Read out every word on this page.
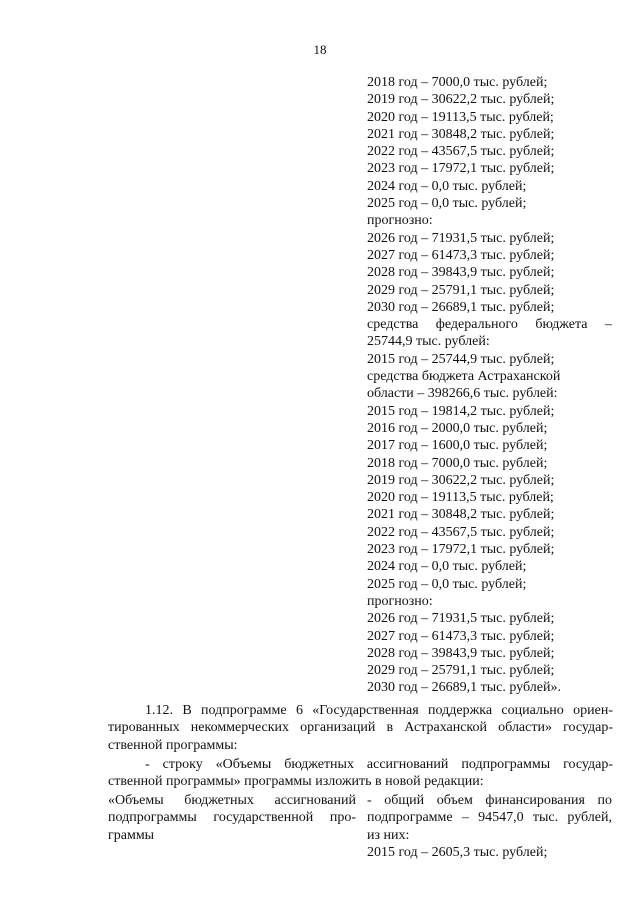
18
2018 год – 7000,0 тыс. рублей;
2019 год – 30622,2 тыс. рублей;
2020 год – 19113,5 тыс. рублей;
2021 год – 30848,2 тыс. рублей;
2022 год – 43567,5 тыс. рублей;
2023 год – 17972,1 тыс. рублей;
2024 год – 0,0 тыс. рублей;
2025 год – 0,0 тыс. рублей;
прогнозно:
2026 год – 71931,5 тыс. рублей;
2027 год – 61473,3 тыс. рублей;
2028 год – 39843,9 тыс. рублей;
2029 год – 25791,1 тыс. рублей;
2030 год – 26689,1 тыс. рублей;
средства федерального бюджета –
25744,9 тыс. рублей:
2015 год – 25744,9 тыс. рублей;
средства бюджета Астраханской
области – 398266,6 тыс. рублей:
2015 год – 19814,2 тыс. рублей;
2016 год – 2000,0 тыс. рублей;
2017 год – 1600,0 тыс. рублей;
2018 год – 7000,0 тыс. рублей;
2019 год – 30622,2 тыс. рублей;
2020 год – 19113,5 тыс. рублей;
2021 год – 30848,2 тыс. рублей;
2022 год – 43567,5 тыс. рублей;
2023 год – 17972,1 тыс. рублей;
2024 год – 0,0 тыс. рублей;
2025 год – 0,0 тыс. рублей;
прогнозно:
2026 год – 71931,5 тыс. рублей;
2027 год – 61473,3 тыс. рублей;
2028 год – 39843,9 тыс. рублей;
2029 год – 25791,1 тыс. рублей;
2030 год – 26689,1 тыс. рублей».
1.12. В подпрограмме 6 «Государственная поддержка социально ориен-
тированных некоммерческих организаций в Астраханской области» государ-
ственной программы:
- строку «Объемы бюджетных ассигнований подпрограммы государ-
ственной программы» программы изложить в новой редакции:
«Объемы бюджетных ассигнований
подпрограммы государственной про-
граммы
- общий объем финансирования по
подпрограмме – 94547,0 тыс. рублей,
из них:
2015 год – 2605,3 тыс. рублей;
